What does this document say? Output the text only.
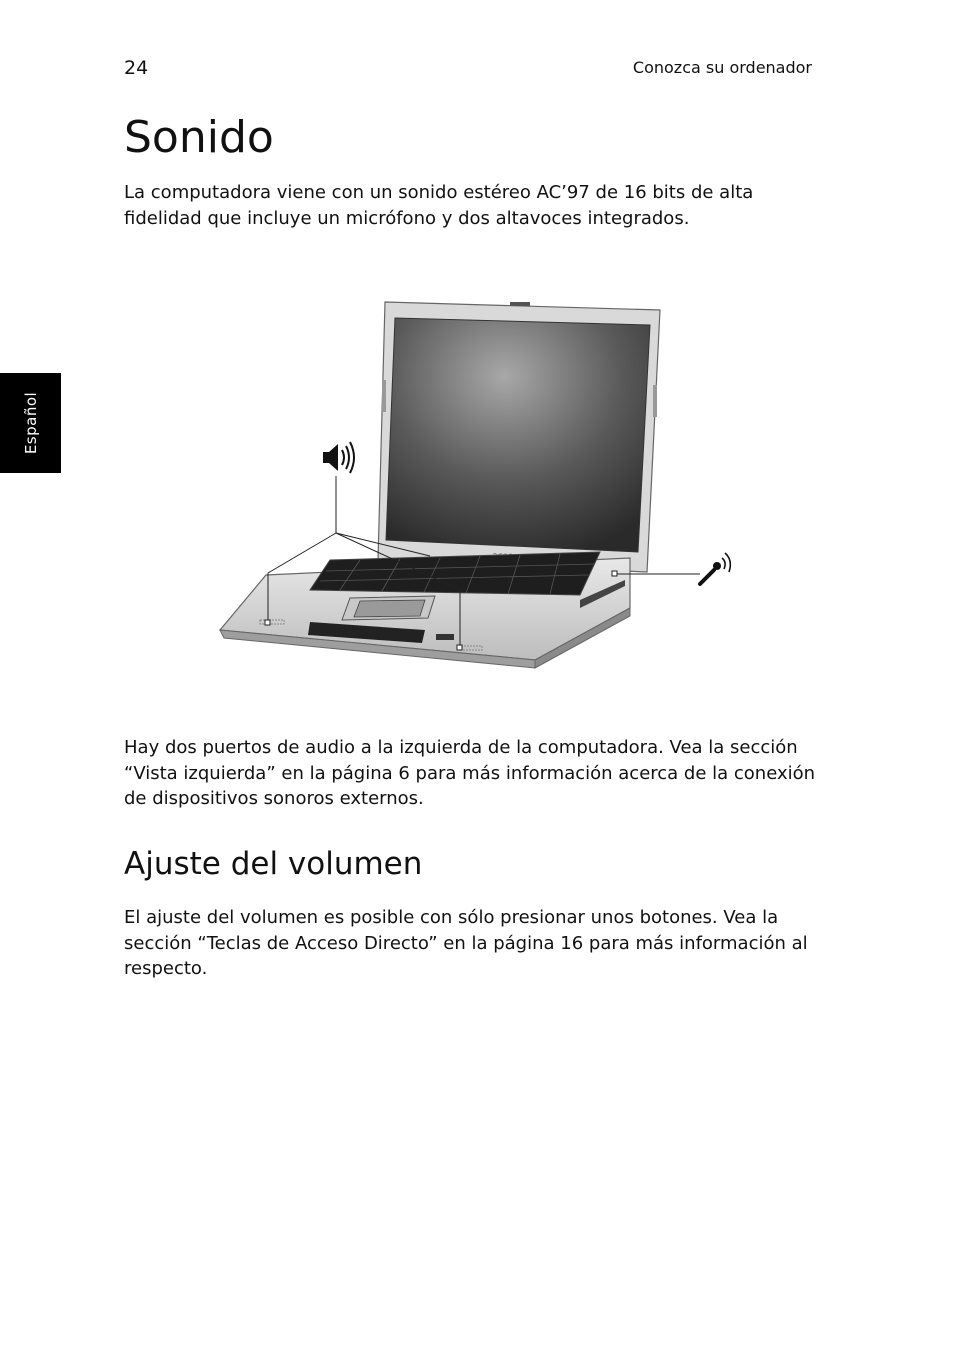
24	Conozca su ordenador
Español
Sonido

La computadora viene con un sonido estéreo AC’97 de 16 bits de alta fidelidad que incluye un micrófono y dos altavoces integrados.

Hay dos puertos de audio a la izquierda de la computadora. Vea la sección “Vista izquierda” en la página 6 para más información acerca de la conexión de dispositivos sonoros externos.

Ajuste del volumen

El ajuste del volumen es posible con sólo presionar unos botones. Vea la sección “Teclas de Acceso Directo” en la página 16 para más información al respecto.
